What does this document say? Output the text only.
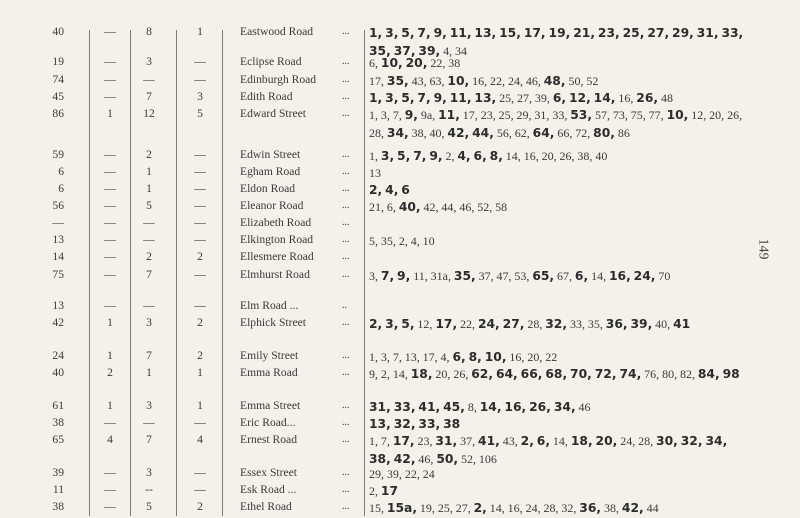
40	—	8	1	Eastwood Road	...	1, 3, 5, 7, 9, 11, 13, 15, 17, 19, 21, 23, 25, 27, 29, 31, 33, 35, 37, 39, 4, 34
19	—	3	—	Eclipse Road	...	6, 10, 20, 22, 38
74	—	—	—	Edinburgh Road	...	17, 35, 43, 63, 10, 16, 22, 24, 46, 48, 50, 52
45	—	7	3	Edith Road	...	1, 3, 5, 7, 9, 11, 13, 25, 27, 39, 6, 12, 14, 16, 26, 48
86	1	12	5	Edward Street	...	1, 3, 7, 9, 9a, 11, 17, 23, 25, 29, 31, 33, 53, 57, 73, 75, 77, 10, 12, 20, 26, 28, 34, 38, 40, 42, 44, 56, 62, 64, 66, 72, 80, 86
59	—	2	—	Edwin Street	...	1, 3, 5, 7, 9, 2, 4, 6, 8, 14, 16, 20, 26, 38, 40
6	—	1	—	Egham Road	...	13
6	—	1	—	Eldon Road	...	2, 4, 6
56	—	5	—	Eleanor Road	...	21, 6, 40, 42, 44, 46, 52, 58
—	—	—	—	Elizabeth Road	...
13	—	—	—	Elkington Road	...	5, 35, 2, 4, 10
14	—	2	2	Ellesmere Road	...
75	—	7	—	Elmhurst Road	...	3, 7, 9, 11, 31a, 35, 37, 47, 53, 65, 67, 6, 14, 16, 24, 70
13	—	—	—	Elm Road ...	..
42	1	3	2	Elphick Street	...	2, 3, 5, 12, 17, 22, 24, 27, 28, 32, 33, 35, 36, 39, 40, 41
24	1	7	2	Emily Street	...	1, 3, 7, 13, 17, 4, 6, 8, 10, 16, 20, 22
40	2	1	1	Emma Road	...	9, 2, 14, 18, 20, 26, 62, 64, 66, 68, 70, 72, 74, 76, 80, 82, 84, 98
61	1	3	1	Emma Street	...	31, 33, 41, 45, 8, 14, 16, 26, 34, 46
38	—	—	—	Eric Road...	...	13, 32, 33, 38
65	4	7	4	Ernest Road	...	1, 7, 17, 23, 31, 37, 41, 43, 2, 6, 14, 18, 20, 24, 28, 30, 32, 34, 38, 42, 46, 50, 52, 106
39	—	3	—	Essex Street	...	29, 39, 22, 24
11	—	--	—	Esk Road ...	...	2, 17
38	—	5	2	Ethel Road	...	15, 15a, 19, 25, 27, 2, 14, 16, 24, 28, 32, 36, 38, 42, 44
149
